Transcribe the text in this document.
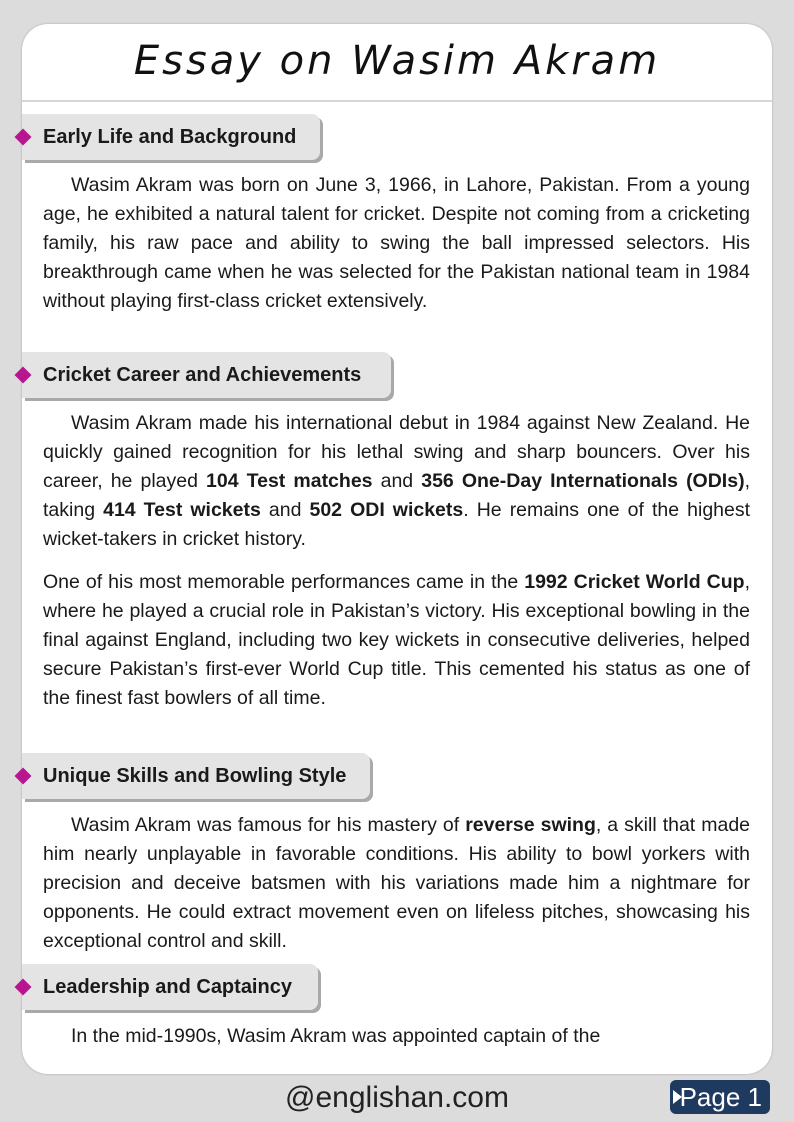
Essay on Wasim Akram
Early Life and Background

Wasim Akram was born on June 3, 1966, in Lahore, Pakistan. From a young age, he exhibited a natural talent for cricket. Despite not coming from a cricketing family, his raw pace and ability to swing the ball impressed selectors. His breakthrough came when he was selected for the Pakistan national team in 1984 without playing first-class cricket extensively.

Cricket Career and Achievements

Wasim Akram made his international debut in 1984 against New Zealand. He quickly gained recognition for his lethal swing and sharp bouncers. Over his career, he played 104 Test matches and 356 One-Day Internationals (ODIs), taking 414 Test wickets and 502 ODI wickets. He remains one of the highest wicket-takers in cricket history.

One of his most memorable performances came in the 1992 Cricket World Cup, where he played a crucial role in Pakistan’s victory. His exceptional bowling in the final against England, including two key wickets in consecutive deliveries, helped secure Pakistan’s first-ever World Cup title. This cemented his status as one of the finest fast bowlers of all time.

Unique Skills and Bowling Style

Wasim Akram was famous for his mastery of reverse swing, a skill that made him nearly unplayable in favorable conditions. His ability to bowl yorkers with precision and deceive batsmen with his variations made him a nightmare for opponents. He could extract movement even on lifeless pitches, showcasing his exceptional control and skill.

Leadership and Captaincy

In the mid-1990s, Wasim Akram was appointed captain of the

@englishan.com	Page 1
